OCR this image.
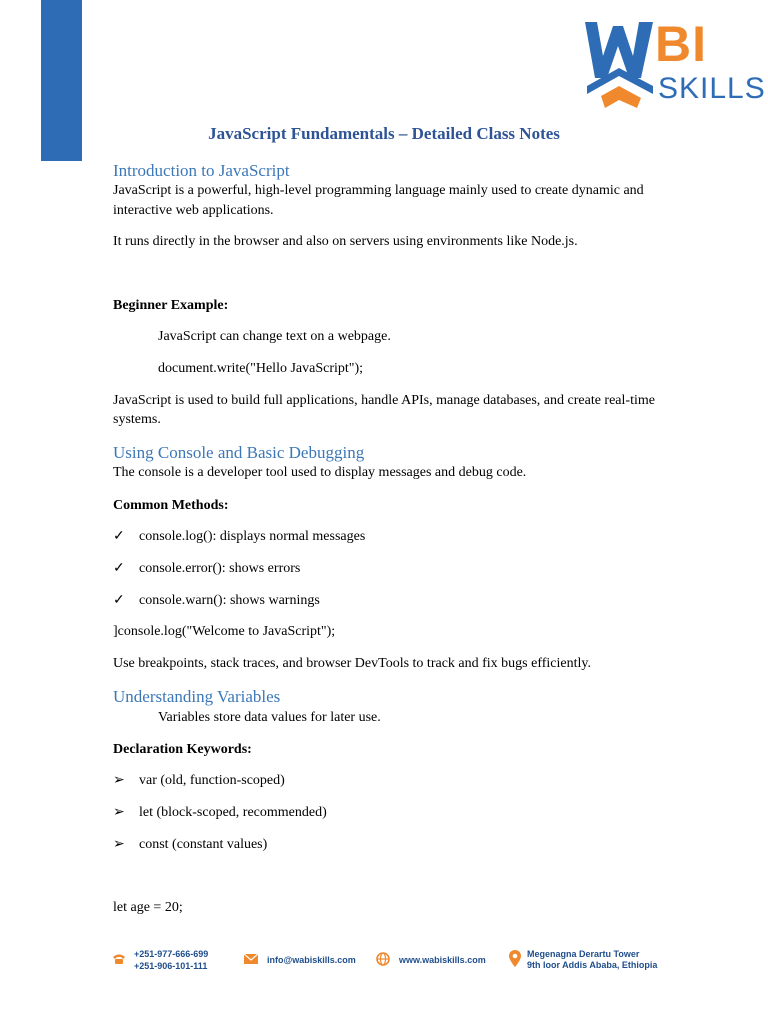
BI
SKILLS
JavaScript Fundamentals – Detailed Class Notes
Introduction to JavaScript
JavaScript is a powerful, high-level programming language mainly used to create dynamic and
interactive web applications.
It runs directly in the browser and also on servers using environments like Node.js.
Beginner Example:
JavaScript can change text on a webpage.
document.write("Hello JavaScript");
JavaScript is used to build full applications, handle APIs, manage databases, and create real-time
systems.
Using Console and Basic Debugging
The console is a developer tool used to display messages and debug code.
Common Methods:
✓ console.log(): displays normal messages
✓ console.error(): shows errors
✓ console.warn(): shows warnings
]console.log("Welcome to JavaScript");
Use breakpoints, stack traces, and browser DevTools to track and fix bugs efficiently.
Understanding Variables
Variables store data values for later use.
Declaration Keywords:
➢ var (old, function-scoped)
➢ let (block-scoped, recommended)
➢ const (constant values)
let age = 20;
+251-977-666-699
+251-906-101-111
info@wabiskills.com	www.wabiskills.com
Megenagna Derartu Tower
9th loor Addis Ababa, Ethiopia
